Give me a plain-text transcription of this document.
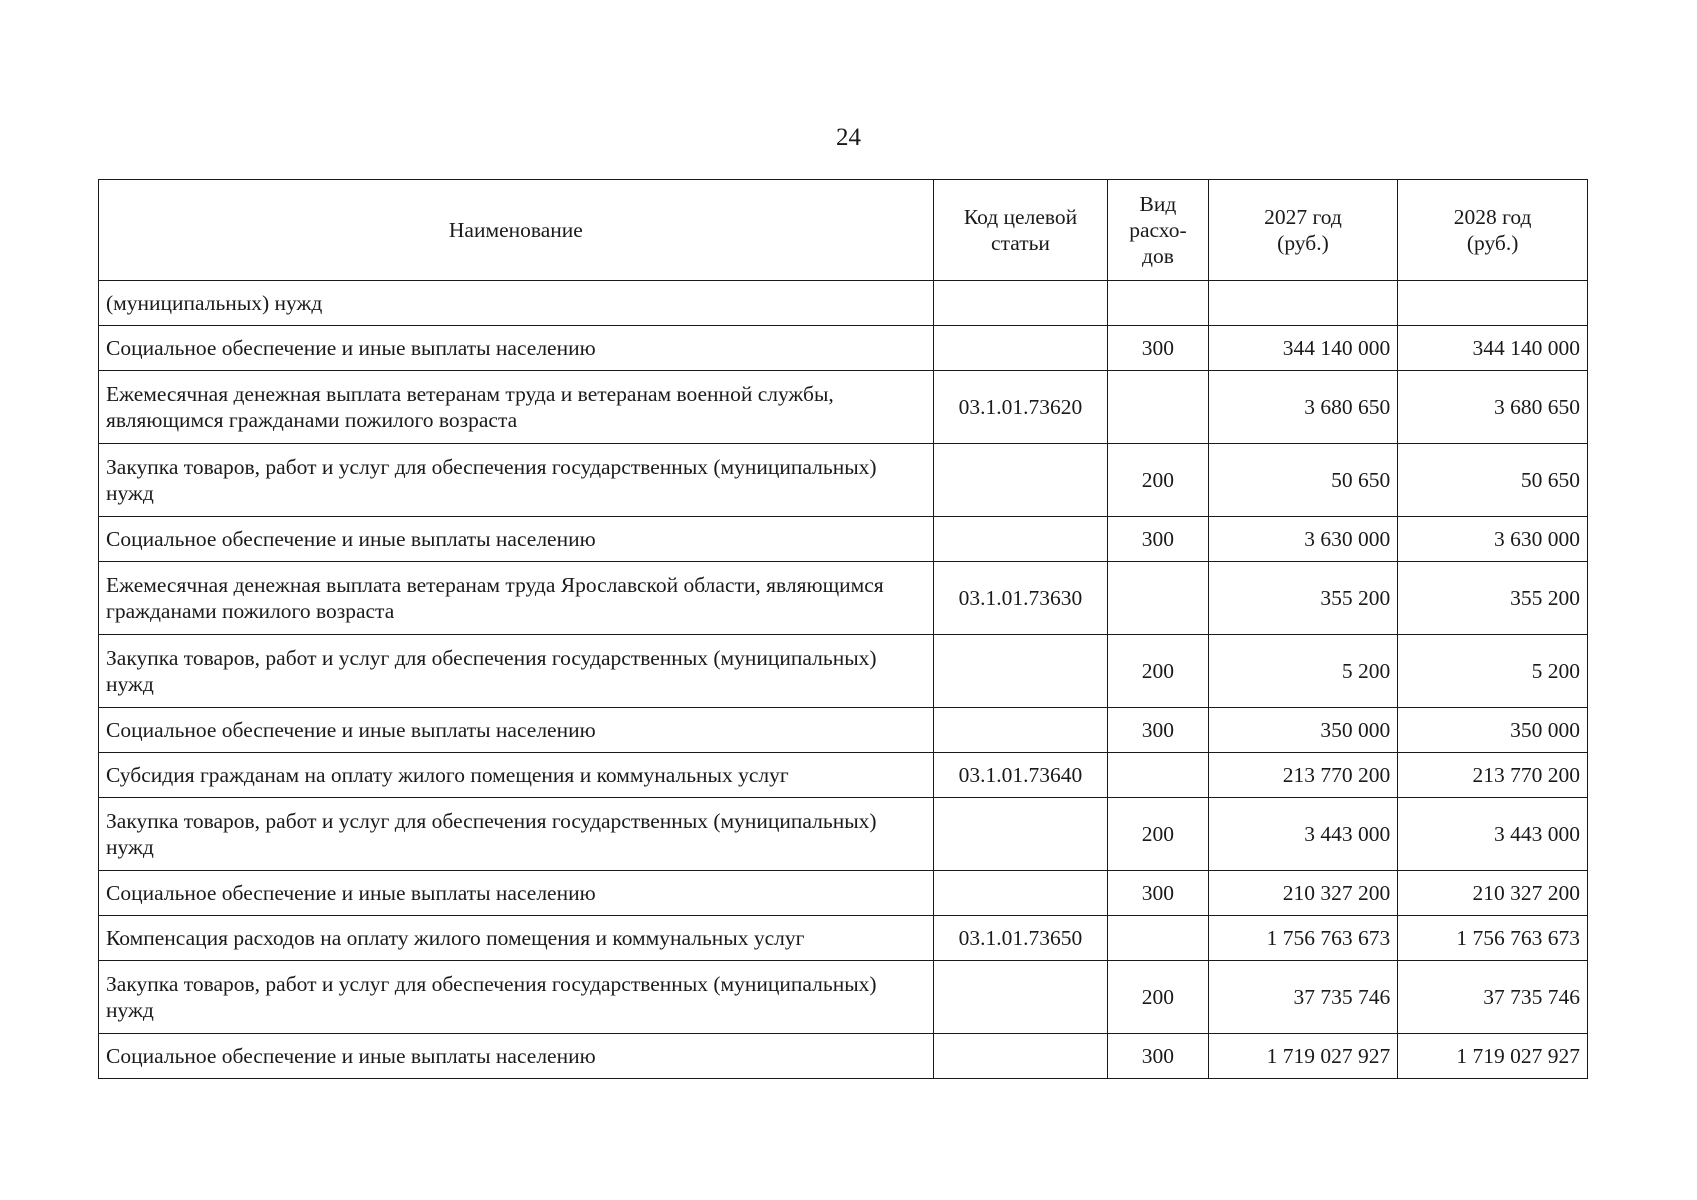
24
Наименование	Код целевой статьи	Вид расхо-дов	2027 год (руб.)	2028 год (руб.)
(муниципальных) нужд				
Социальное обеспечение и иные выплаты населению		300	344 140 000	344 140 000
Ежемесячная денежная выплата ветеранам труда и ветеранам военной службы, являющимся гражданами пожилого возраста	03.1.01.73620		3 680 650	3 680 650
Закупка товаров, работ и услуг для обеспечения государственных (муниципальных) нужд		200	50 650	50 650
Социальное обеспечение и иные выплаты населению		300	3 630 000	3 630 000
Ежемесячная денежная выплата ветеранам труда Ярославской области, являющимся гражданами пожилого возраста	03.1.01.73630		355 200	355 200
Закупка товаров, работ и услуг для обеспечения государственных (муниципальных) нужд		200	5 200	5 200
Социальное обеспечение и иные выплаты населению		300	350 000	350 000
Субсидия гражданам на оплату жилого помещения и коммунальных услуг	03.1.01.73640		213 770 200	213 770 200
Закупка товаров, работ и услуг для обеспечения государственных (муниципальных) нужд		200	3 443 000	3 443 000
Социальное обеспечение и иные выплаты населению		300	210 327 200	210 327 200
Компенсация расходов на оплату жилого помещения и коммунальных услуг	03.1.01.73650		1 756 763 673	1 756 763 673
Закупка товаров, работ и услуг для обеспечения государственных (муниципальных) нужд		200	37 735 746	37 735 746
Социальное обеспечение и иные выплаты населению		300	1 719 027 927	1 719 027 927
